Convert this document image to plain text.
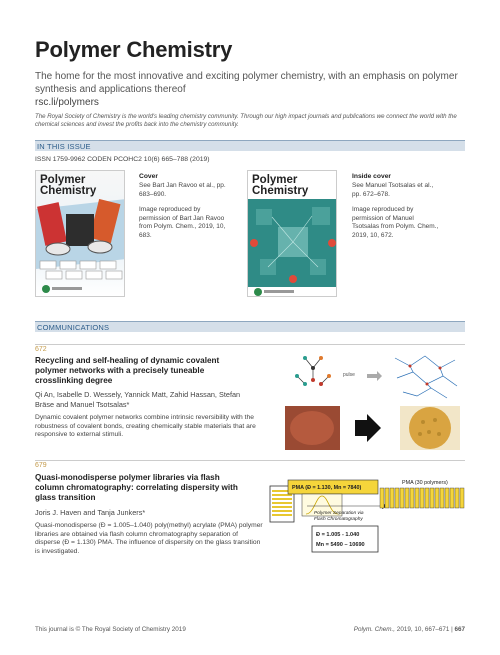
Polymer Chemistry
The home for the most innovative and exciting polymer chemistry, with an emphasis on polymer synthesis and applications thereof
rsc.li/polymers
The Royal Society of Chemistry is the world's leading chemistry community. Through our high impact journals and publications we connect the world with the chemical sciences and invest the profits back into the chemistry community.
IN THIS ISSUE
ISSN 1759-9962 CODEN PCOHC2 10(6) 665–788 (2019)
Polymer
Chemistry
Cover
See Bart Jan Ravoo et al., pp. 683–690.
Image reproduced by permission of Bart Jan Ravoo from Polym. Chem., 2019, 10, 683.
Polymer
Chemistry
Inside cover
See Manuel Tsotsalas et al., pp. 672–678.
Image reproduced by permission of Manuel Tsotsalas from Polym. Chem., 2019, 10, 672.
COMMUNICATIONS
672
Recycling and self-healing of dynamic covalent polymer networks with a precisely tuneable crosslinking degree
Qi An, Isabelle D. Wessely, Yannick Matt, Zahid Hassan, Stefan Bräse and Manuel Tsotsalas*
Dynamic covalent polymer networks combine intrinsic reversibility with the robustness of covalent bonds, creating chemically stable materials that are responsive to external stimuli.
pulse
679
Quasi-monodisperse polymer libraries via flash column chromatography: correlating dispersity with glass transition
Joris J. Haven and Tanja Junkers*
Quasi-monodisperse (Đ = 1.005–1.040) poly(methyl) acrylate (PMA) polymer libraries are obtained via flash column chromatography separation of disperse (Đ = 1.130) PMA. The influence of dispersity on the glass transition is investigated.
PMA (Đ = 1.130, Mn = 7840)
Polymer Separation via
Flash Chromatography
PMA (30 polymers)
Đ = 1.005 - 1.040
Mn = 5490 – 10690
This journal is © The Royal Society of Chemistry 2019	Polym. Chem., 2019, 10, 667–671 | 667
